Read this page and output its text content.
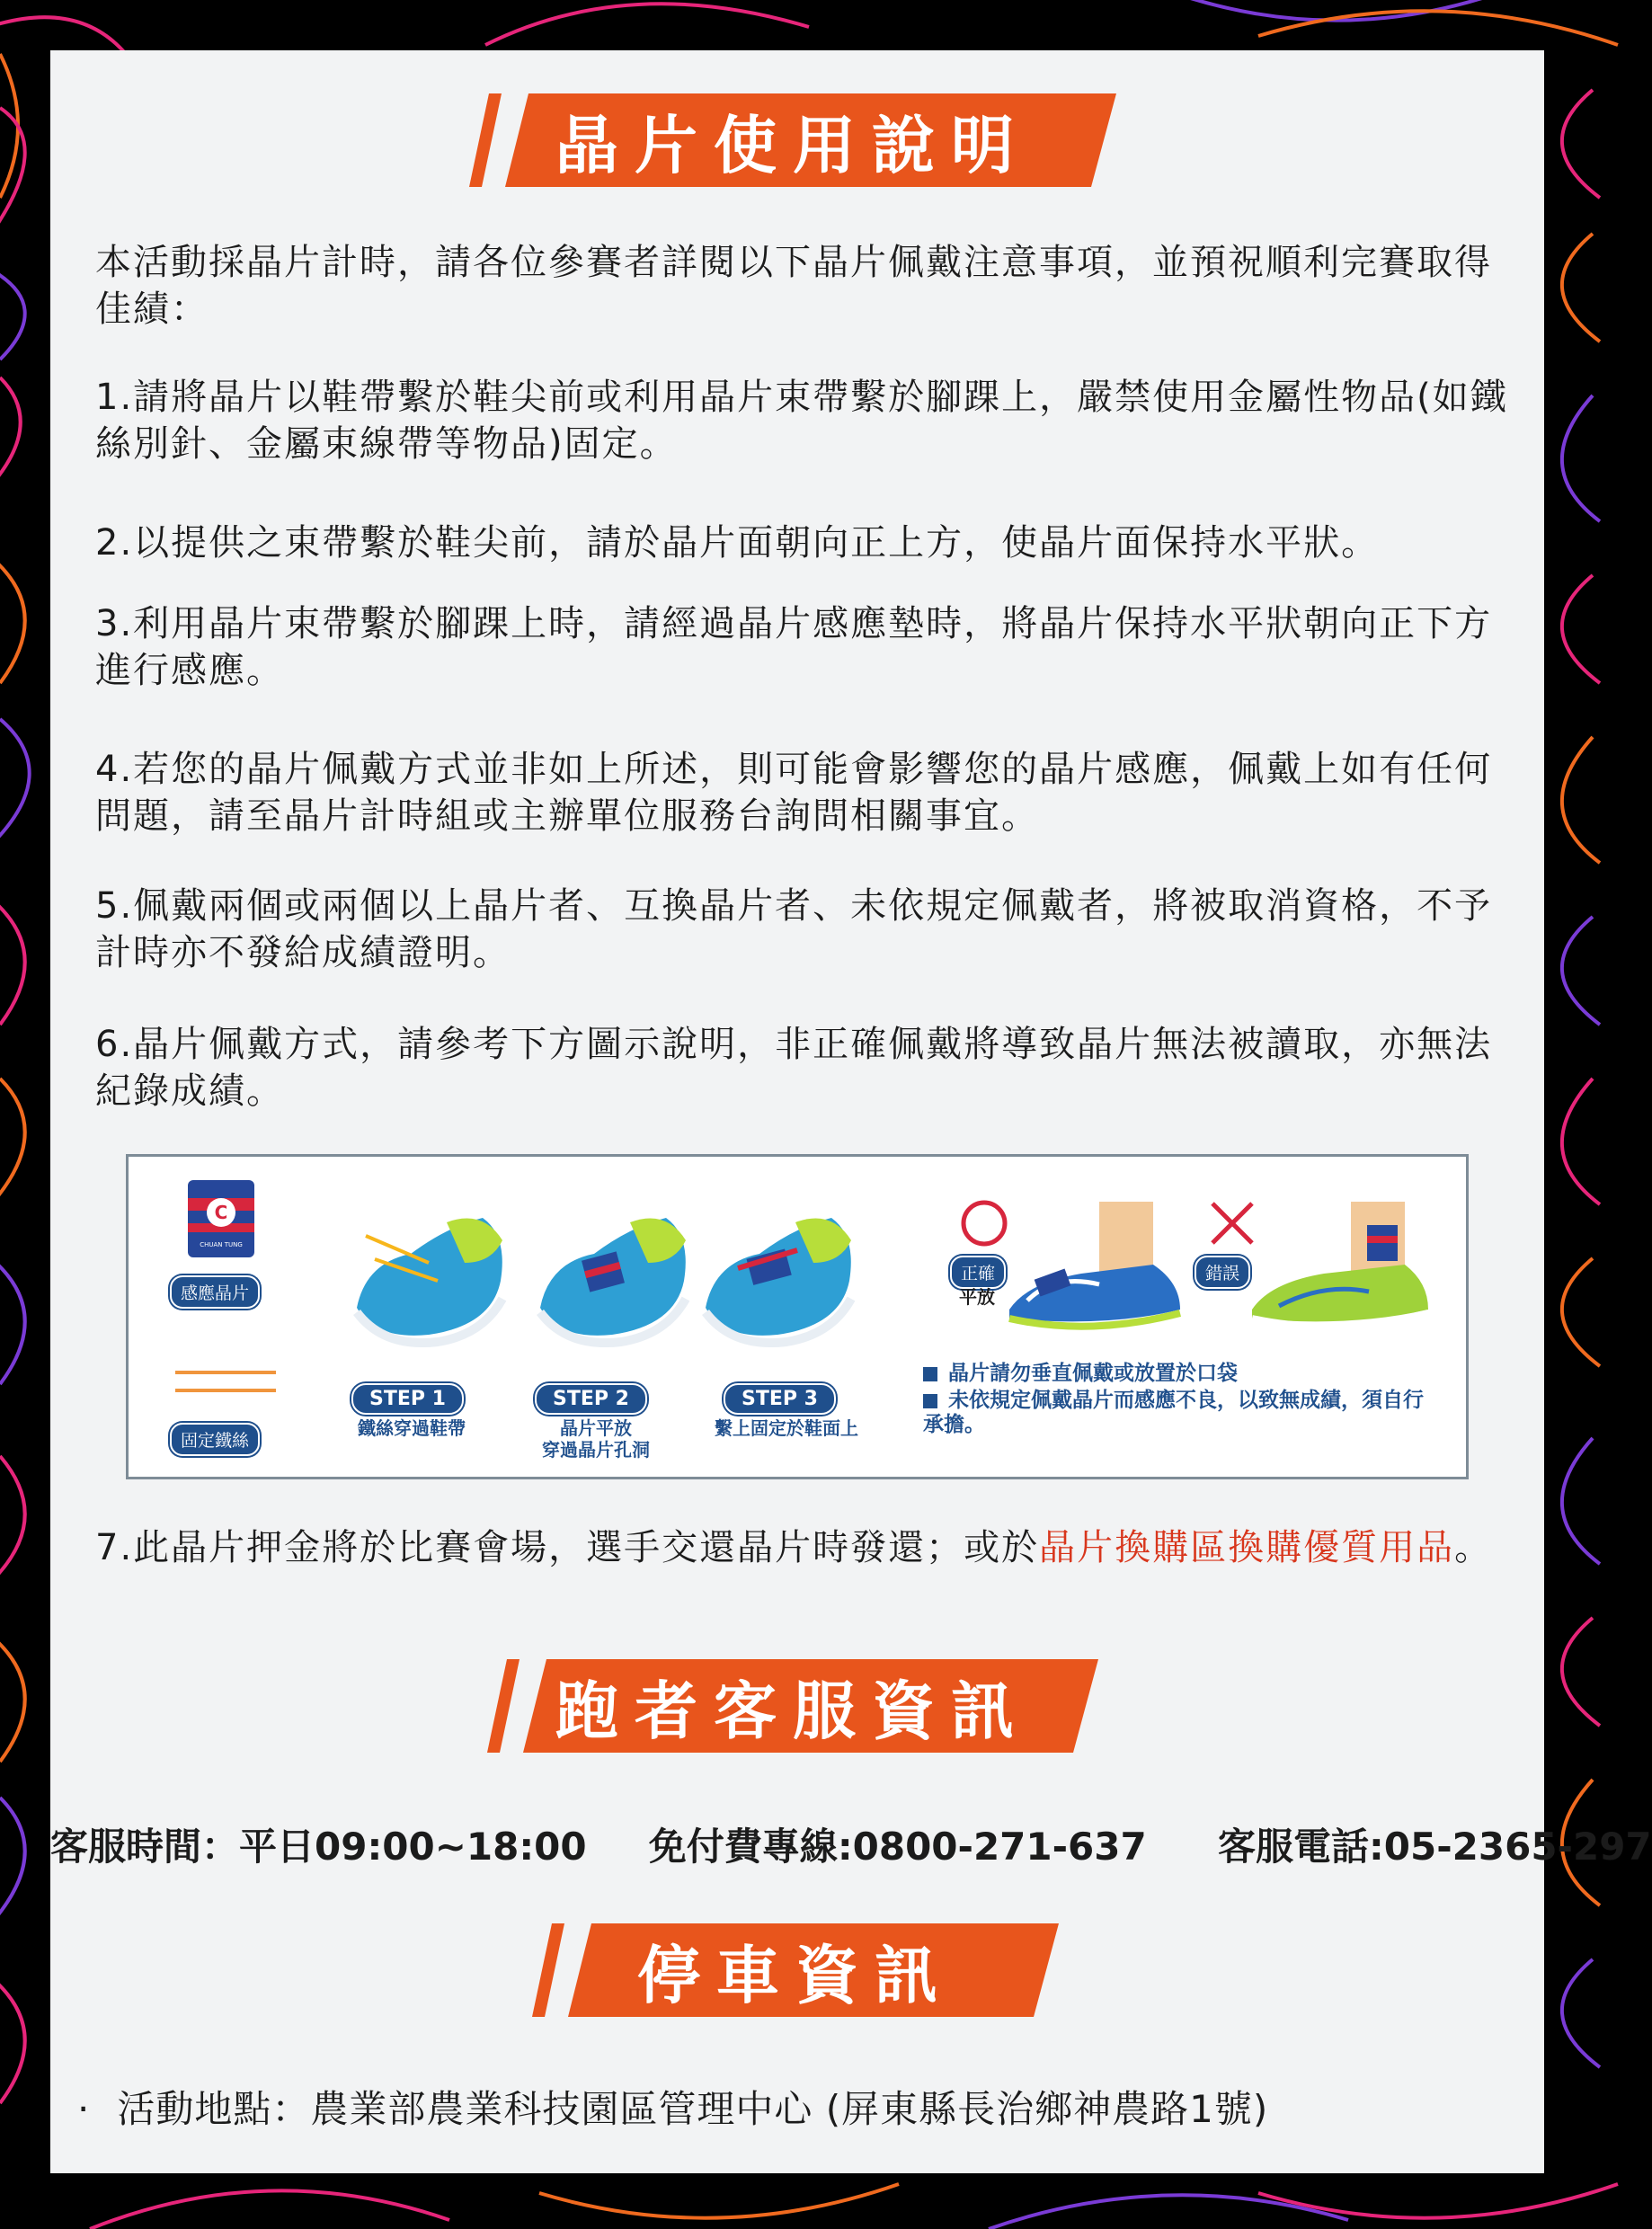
晶片使用說明

本活動採晶片計時，請各位參賽者詳閱以下晶片佩戴注意事項，並預祝順利完賽取得佳績：

1.請將晶片以鞋帶繫於鞋尖前或利用晶片束帶繫於腳踝上，嚴禁使用金屬性物品(如鐵絲別針、金屬束線帶等物品)固定。

2.以提供之束帶繫於鞋尖前，請於晶片面朝向正上方，使晶片面保持水平狀。

3.利用晶片束帶繫於腳踝上時，請經過晶片感應墊時，將晶片保持水平狀朝向正下方進行感應。

4.若您的晶片佩戴方式並非如上所述，則可能會影響您的晶片感應，佩戴上如有任何問題，請至晶片計時組或主辦單位服務台詢問相關事宜。

5.佩戴兩個或兩個以上晶片者、互換晶片者、未依規定佩戴者，將被取消資格，不予計時亦不發給成績證明。

6.晶片佩戴方式，請參考下方圖示說明，非正確佩戴將導致晶片無法被讀取，亦無法紀錄成績。

C
CHUAN TUNG
感應晶片
固定鐵絲
STEP 1
鐵絲穿過鞋帶
STEP 2
晶片平放
穿過晶片孔洞
STEP 3
繫上固定於鞋面上
正確
平放
錯誤
晶片請勿垂直佩戴或放置於口袋
未依規定佩戴晶片而感應不良，以致無成績，須自行承擔。

7.此晶片押金將於比賽會場，選手交還晶片時發還；或於晶片換購區換購優質用品。

跑者客服資訊
客服時間：平日09:00~18:00 免付費專線:0800-271-637 客服電話:05-2365-297
停車資訊
· 活動地點：農業部農業科技園區管理中心 (屏東縣長治鄉神農路1號)
